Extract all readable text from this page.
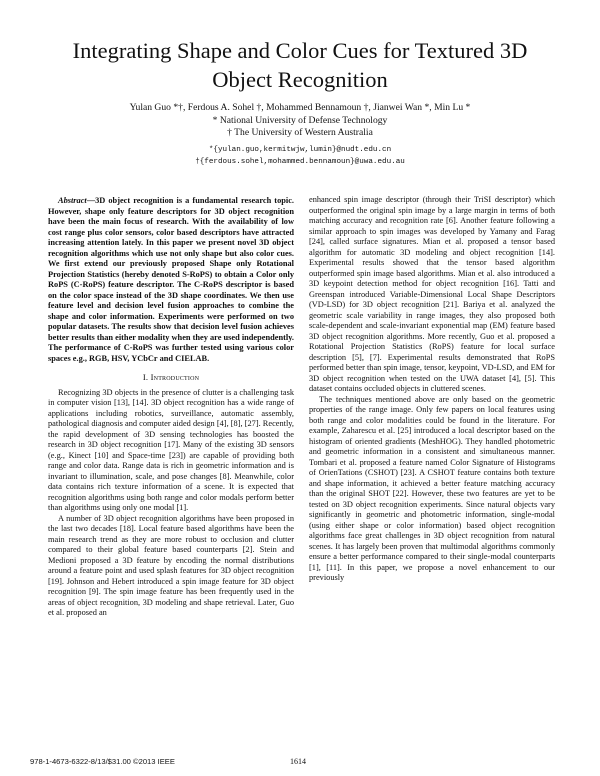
Integrating Shape and Color Cues for Textured 3D Object Recognition
Yulan Guo *†, Ferdous A. Sohel †, Mohammed Bennamoun †, Jianwei Wan *, Min Lu *
* National University of Defense Technology
† The University of Western Australia
*{yulan.guo,kermitwjw,lumin}@nudt.edu.cn
†{ferdous.sohel,mohammed.bennamoun}@uwa.edu.au

Abstract—3D object recognition is a fundamental research topic. However, shape only feature descriptors for 3D object recognition have been the main focus of research. With the availability of low cost range plus color sensors, color based descriptors have attracted increasing attention lately. In this paper we present novel 3D object recognition algorithms which use not only shape but also color cues. We first extend our previously proposed Shape only Rotational Projection Statistics (hereby denoted S-RoPS) to obtain a Color only RoPS (C-RoPS) feature descriptor. The C-RoPS descriptor is based on the color space instead of the 3D shape coordinates. We then use feature level and decision level fusion approaches to combine the shape and color information. Experiments were performed on two popular datasets. The results show that decision level fusion achieves better results than either modality when they are used independently. The performance of C-RoPS was further tested using various color spaces e.g., RGB, HSV, YCbCr and CIELAB.

I. Introduction

Recognizing 3D objects in the presence of clutter is a challenging task in computer vision [13], [14]. 3D object recognition has a wide range of applications including robotics, surveillance, automatic assembly, pathological diagnosis and computer aided design [4], [8], [27]. Recently, the rapid development of 3D sensing technologies has boosted the research in 3D object recognition [17]. Many of the existing 3D sensors (e.g., Kinect [10] and Space-time [23]) are capable of providing both range and color data. Range data is rich in geometric information and is invariant to illumination, scale, and pose changes [8]. Meanwhile, color data contains rich texture information of a scene. It is expected that recognition algorithms using both range and color modals perform better than algorithms using only one modal [1].

A number of 3D object recognition algorithms have been proposed in the last two decades [18]. Local feature based algorithms have been the main research trend as they are more robust to occlusion and clutter compared to their global feature based counterparts [2]. Stein and Medioni proposed a 3D feature by encoding the normal distributions around a feature point and used splash features for 3D object recognition [19]. Johnson and Hebert introduced a spin image feature for 3D object recognition [9]. The spin image feature has been frequently used in the areas of object recognition, 3D modeling and shape retrieval. Later, Guo et al. proposed an

enhanced spin image descriptor (through their TriSI descriptor) which outperformed the original spin image by a large margin in terms of both matching accuracy and recognition rate [6]. Another feature following a similar approach to spin images was developed by Yamany and Farag [24], called surface signatures. Mian et al. proposed a tensor based algorithm for automatic 3D modeling and object recognition [14]. Experimental results showed that the tensor based algorithm outperformed spin image based algorithms. Mian et al. also introduced a 3D keypoint detection method for object recognition [16]. Tatti and Greenspan introduced Variable-Dimensional Local Shape Descriptors (VD-LSD) for 3D object recognition [21]. Bariya et al. analyzed the geometric scale variability in range images, they also proposed both scale-dependent and scale-invariant exponential map (EM) feature based 3D object recognition algorithms. More recently, Guo et al. proposed a Rotational Projection Statistics (RoPS) feature for local surface description [5], [7]. Experimental results demonstrated that RoPS performed better than spin image, tensor, keypoint, VD-LSD, and EM for 3D object recognition when tested on the UWA dataset [4], [5]. This dataset contains occluded objects in cluttered scenes.

The techniques mentioned above are only based on the geometric properties of the range image. Only few papers on local features using both range and color modalities could be found in the literature. For example, Zaharescu et al. [25] introduced a local descriptor based on the histogram of oriented gradients (MeshHOG). They handled photometric and geometric information in a consistent and simultaneous manner. Tombari et al. proposed a feature named Color Signature of Histograms of OrienTations (CSHOT) [23]. A CSHOT feature contains both texture and shape information, it achieved a better feature matching accuracy than the original SHOT [22]. However, these two features are yet to be tested on 3D object recognition experiments. Since natural objects vary significantly in geometric and photometric information, single-modal (using either shape or color information) based object recognition algorithms face great challenges in 3D object recognition from natural scenes. It has largely been proven that multimodal algorithms commonly ensure a better performance compared to their single-modal counterparts [1], [11]. In this paper, we propose a novel enhancement to our previously

978-1-4673-6322-8/13/$31.00 ©2013 IEEE	1614
